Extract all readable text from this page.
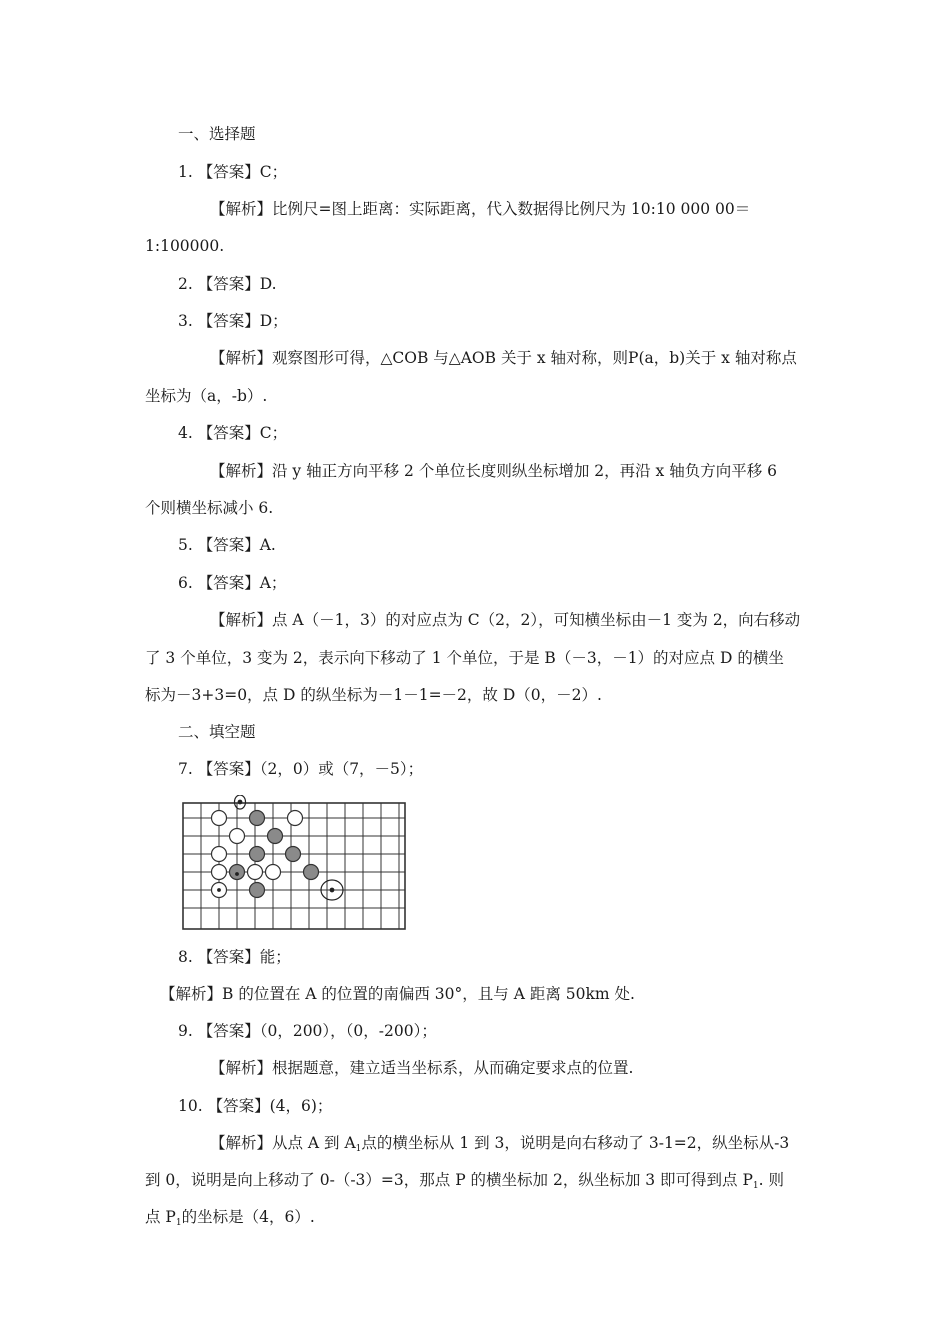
一、选择题
1. 【答案】C；
【解析】比例尺=图上距离：实际距离，代入数据得比例尺为 10:10 000 00＝
1:100000.
2. 【答案】D.
3. 【答案】D；
【解析】观察图形可得，△COB 与△AOB 关于 x 轴对称，则P(a，b)关于 x 轴对称点
坐标为（a，-b）.
4. 【答案】C；
【解析】沿 y 轴正方向平移 2 个单位长度则纵坐标增加 2，再沿 x 轴负方向平移 6
个则横坐标减小 6.
5. 【答案】A.
6. 【答案】A；
【解析】点 A（－1，3）的对应点为 C（2，2），可知横坐标由－1 变为 2，向右移动
了 3 个单位，3 变为 2，表示向下移动了 1 个单位，于是 B（－3，－1）的对应点 D 的横坐
标为－3+3=0，点 D 的纵坐标为－1－1=－2，故 D（0，－2）.
二、填空题
7. 【答案】（2，0）或（7，－5）；
8. 【答案】能；
【解析】B 的位置在 A 的位置的南偏西 30°，且与 A 距离 50km 处.
9. 【答案】（0，200），（0，-200）；
【解析】根据题意，建立适当坐标系，从而确定要求点的位置.
10. 【答案】(4，6)；
【解析】从点 A 到 $A_1$点的横坐标从 1 到 3，说明是向右移动了 3-1=2，纵坐标从-3
到 0，说明是向上移动了 0-（-3）=3，那点 P 的横坐标加 2，纵坐标加 3 即可得到点 $P_1$. 则
点 $P_1$的坐标是（4，6）.
